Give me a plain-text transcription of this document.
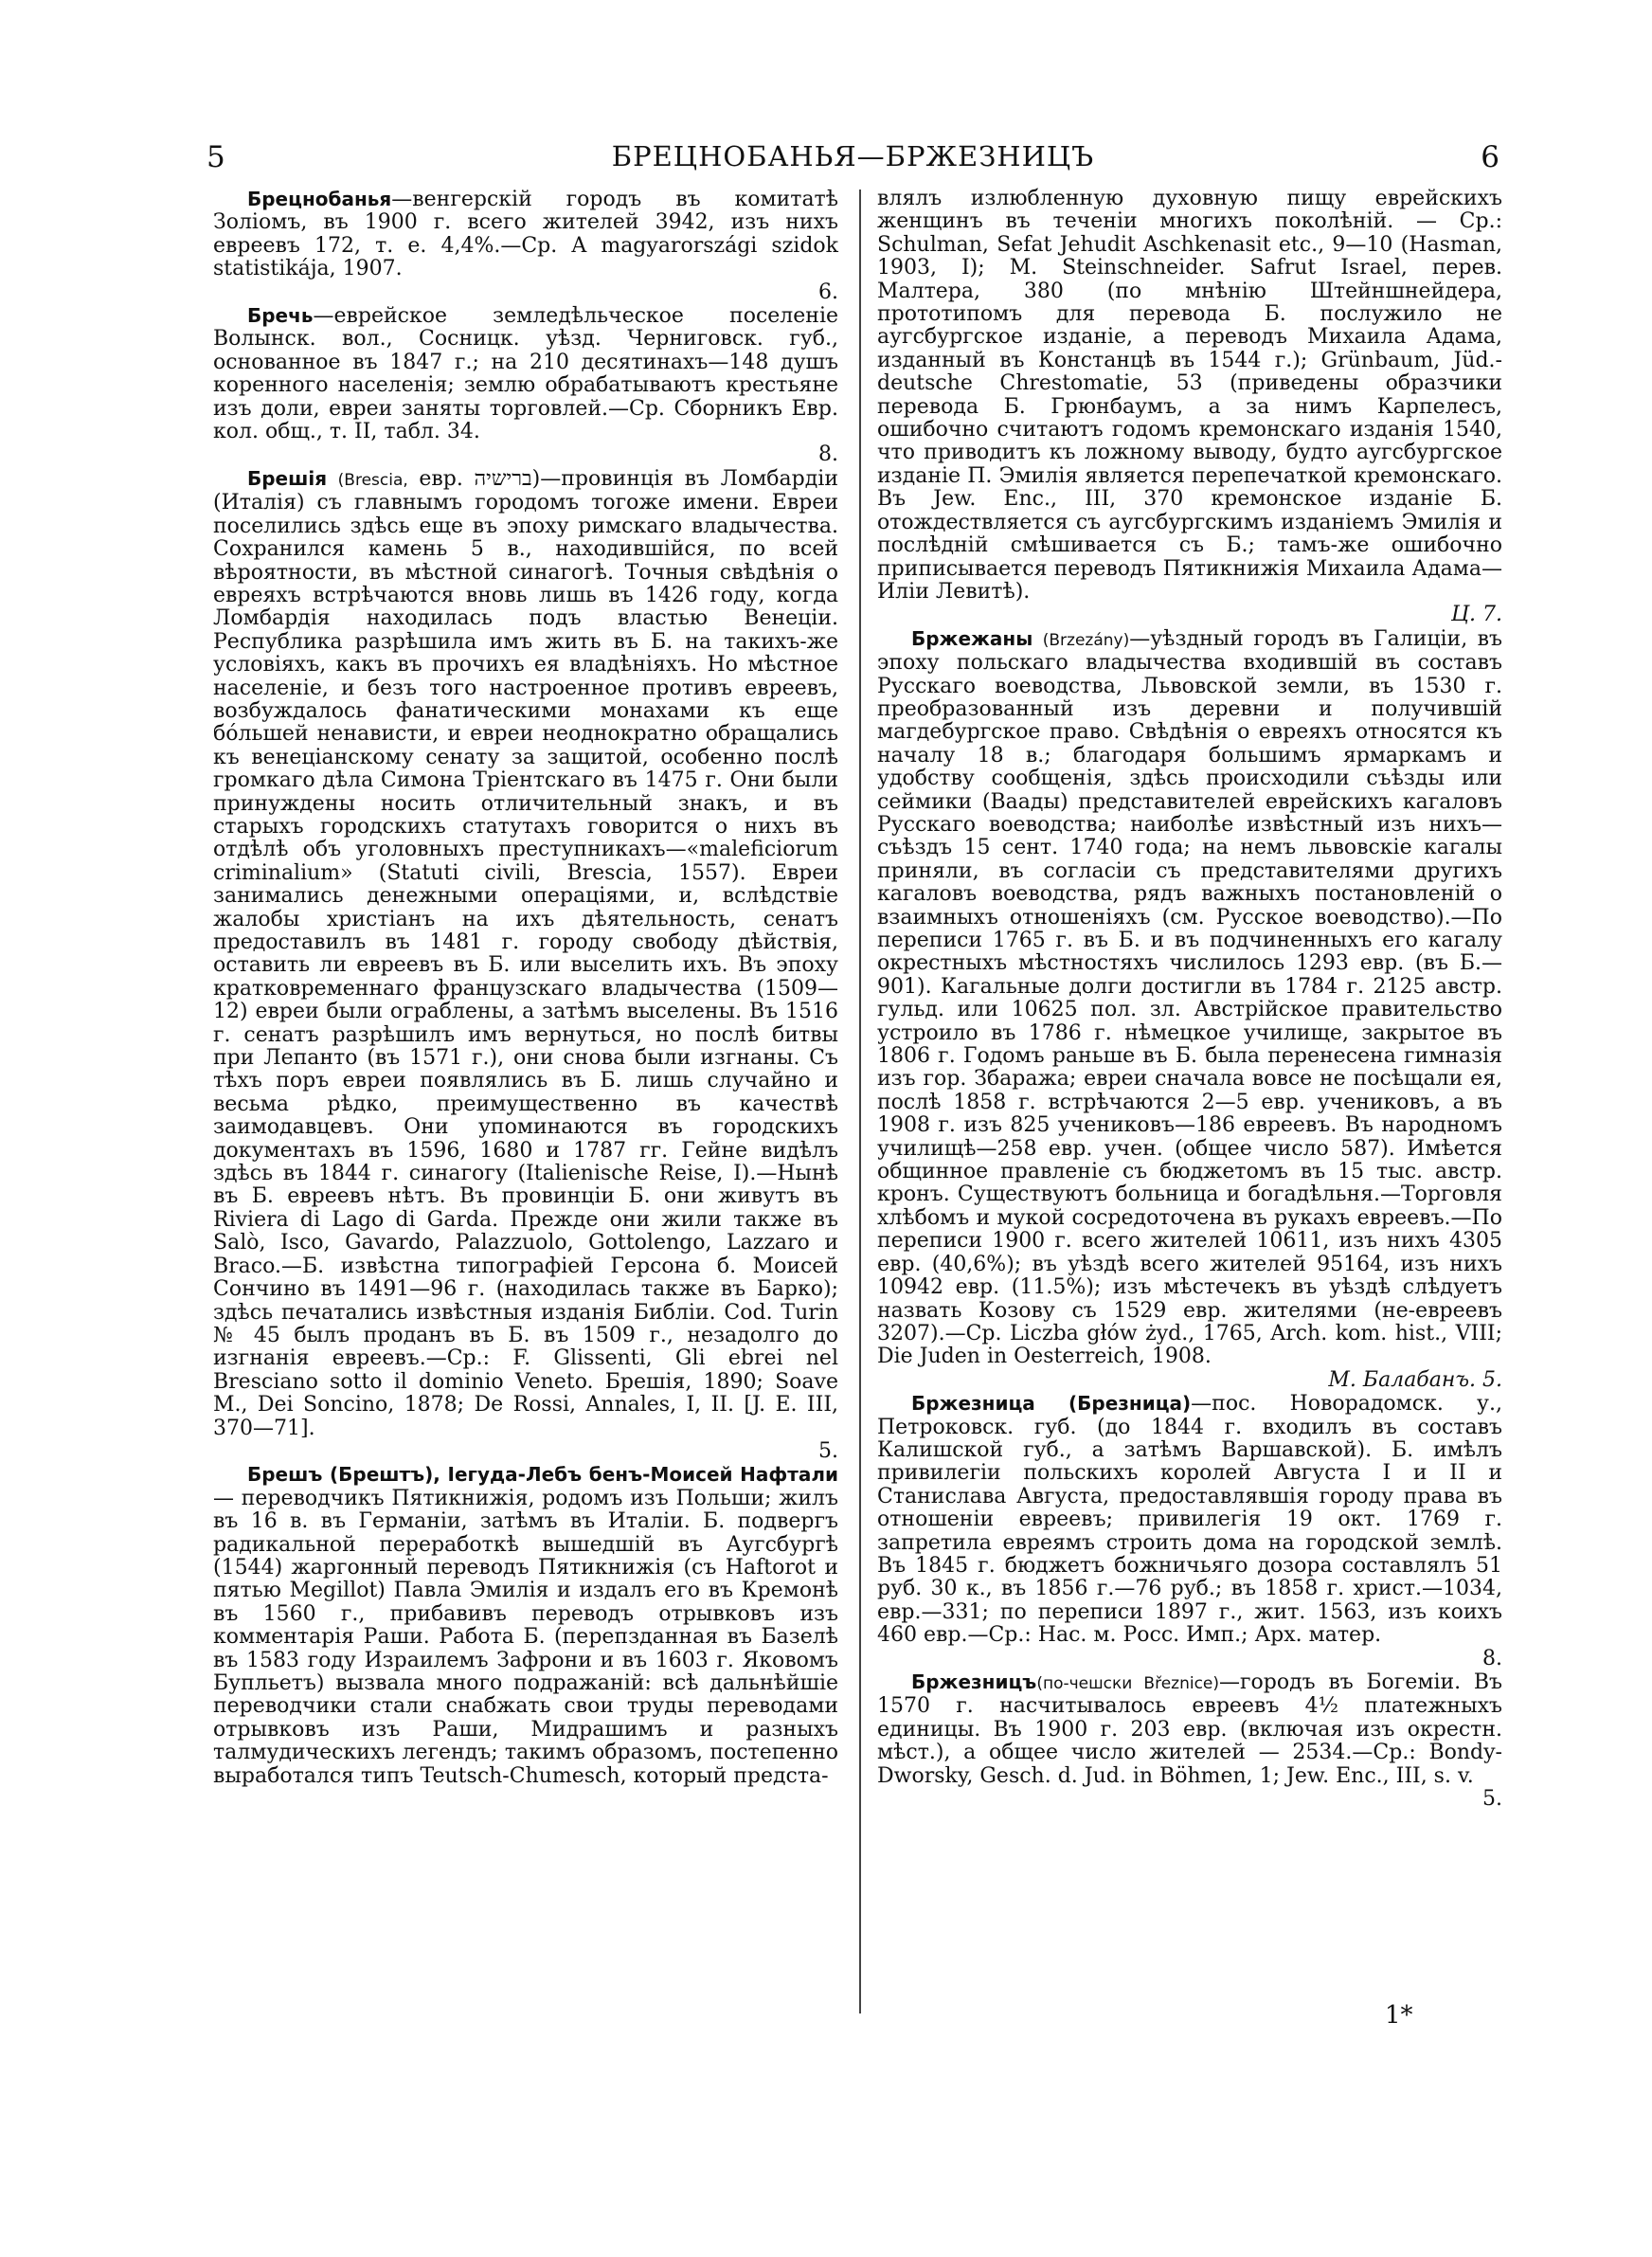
5	БРЕЦНОБАНЬЯ—БРЖЕЗНИЦЪ	6

Брецнобанья—венгерскій городъ въ комитатѣ Золіомъ, въ 1900 г. всего жителей 3942, изъ нихъ евреевъ 172, т. е. 4,4%.—Ср. A magyarországi szidok statistikája, 1907.

6.

Бречь—еврейское земледѣльческое поселеніе Волынск. вол., Сосницк. уѣзд. Черниговск. губ., основанное въ 1847 г.; на 210 десятинахъ—148 душъ коренного населенія; землю обрабатываютъ крестьяне изъ доли, евреи заняты торговлей.—Ср. Сборникъ Евр. кол. общ., т. II, табл. 34.

8.

Брешія (Brescia, евр. ברישיה)—провинція въ Ломбардіи (Италія) съ главнымъ городомъ тогоже имени. Евреи поселились здѣсь еще въ эпоху римскаго владычества. Сохранился камень 5 в., находившійся, по всей вѣроятности, въ мѣстной синагогѣ. Точныя свѣдѣнія о евреяхъ встрѣчаются вновь лишь въ 1426 году, когда Ломбардія находилась подъ властью Венеціи. Республика разрѣшила имъ жить въ Б. на такихъ-же условіяхъ, какъ въ прочихъ ея владѣніяхъ. Но мѣстное населеніе, и безъ того настроенное противъ евреевъ, возбуждалось фанатическими монахами къ еще бóльшей ненависти, и евреи неоднократно обращались къ венеціанскому сенату за защитой, особенно послѣ громкаго дѣла Симона Тріентскаго въ 1475 г. Они были принуждены носить отличительный знакъ, и въ старыхъ городскихъ статутахъ говорится о нихъ въ отдѣлѣ объ уголовныхъ преступникахъ—«maleficiorum criminalium» (Statuti civili, Brescia, 1557). Евреи занимались денежными операціями, и, вслѣдствіе жалобы христіанъ на ихъ дѣятельность, сенатъ предоставилъ въ 1481 г. городу свободу дѣйствія, оставить ли евреевъ въ Б. или выселить ихъ. Въ эпоху кратковременнаго французскаго владычества (1509—12) евреи были ограблены, а затѣмъ выселены. Въ 1516 г. сенатъ разрѣшилъ имъ вернуться, но послѣ битвы при Лепанто (въ 1571 г.), они снова были изгнаны. Съ тѣхъ поръ евреи появлялись въ Б. лишь случайно и весьма рѣдко, преимущественно въ качествѣ заимодавцевъ. Они упоминаются въ городскихъ документахъ въ 1596, 1680 и 1787 гг. Гейне видѣлъ здѣсь въ 1844 г. синагогу (Italienische Reise, I).—Нынѣ въ Б. евреевъ нѣтъ. Въ провинціи Б. они живутъ въ Riviera di Lago di Garda. Прежде они жили также въ Salò, Isco, Gavardo, Palazzuolo, Gottolengo, Lazzaro и Braco.—Б. извѣстна типографіей Герсона б. Моисей Сончино въ 1491—96 г. (находилась также въ Барко); здѣсь печатались извѣстныя изданія Библіи. Cod. Turin № 45 былъ проданъ въ Б. въ 1509 г., незадолго до изгнанія евреевъ.—Ср.: F. Glissenti, Gli ebrei nel Bresciano sotto il dominio Veneto. Брешія, 1890; Soave M., Dei Soncino, 1878; De Rossi, Annales, I, II. [J. E. III, 370—71].

5.

Брешъ (Брештъ), Іегуда-Лебъ бенъ-Моисей Нафтали — переводчикъ Пятикнижія, родомъ изъ Польши; жилъ въ 16 в. въ Германіи, затѣмъ въ Италіи. Б. подвергъ радикальной переработкѣ вышедшій въ Аугсбургѣ (1544) жаргонный переводъ Пятикнижія (съ Haftorot и пятью Megillot) Павла Эмилія и издалъ его въ Кремонѣ въ 1560 г., прибавивъ переводъ отрывковъ изъ комментарія Раши. Работа Б. (перепзданная въ Базелѣ въ 1583 году Израилемъ Зафрони и въ 1603 г. Яковомъ Бупльетъ) вызвала много подражаній: всѣ дальнѣйшіе переводчики стали снабжать свои труды переводами отрывковъ изъ Раши, Мидрашимъ и разныхъ талмудическихъ легендъ; такимъ образомъ, постепенно выработался типъ Teutsch-Chumesch, который предста-

влялъ излюбленную духовную пищу еврейскихъ женщинъ въ теченіи многихъ поколѣній. — Ср.: Schulman, Sefat Jehudit Aschkenasit etc., 9—10 (Hasman, 1903, I); M. Steinschneider. Safrut Israel, перев. Малтера, 380 (по мнѣнію Штейншнейдера, прототипомъ для перевода Б. послужило не аугсбургское изданіе, а переводъ Михаила Адама, изданный въ Констанцѣ въ 1544 г.); Grünbaum, Jüd.-deutsche Chrestomatie, 53 (приведены образчики перевода Б. Грюнбаумъ, а за нимъ Карпелесъ, ошибочно считаютъ годомъ кремонскаго изданія 1540, что приводитъ къ ложному выводу, будто аугсбургское изданіе П. Эмилія является перепечаткой кремонскаго. Въ Jew. Enc., III, 370 кремонское изданіе Б. отождествляется съ аугсбургскимъ изданіемъ Эмилія и послѣдній смѣшивается съ Б.; тамъ-же ошибочно приписывается переводъ Пятикнижія Михаила Адама—Иліи Левитѣ).

Ц. 7.

Бржежаны (Brzezány)—уѣздный городъ въ Галиціи, въ эпоху польскаго владычества входившій въ составъ Русскаго воеводства, Львовской земли, въ 1530 г. преобразованный изъ деревни и получившій магдебургское право. Свѣдѣнія о евреяхъ относятся къ началу 18 в.; благодаря большимъ ярмаркамъ и удобству сообщенія, здѣсь происходили съѣзды или сеймики (Ваады) представителей еврейскихъ кагаловъ Русскаго воеводства; наиболѣе извѣстный изъ нихъ—съѣздъ 15 сент. 1740 года; на немъ львовскіе кагалы приняли, въ согласіи съ представителями другихъ кагаловъ воеводства, рядъ важныхъ постановленій о взаимныхъ отношеніяхъ (см. Русское воеводство).—По переписи 1765 г. въ Б. и въ подчиненныхъ его кагалу окрестныхъ мѣстностяхъ числилось 1293 евр. (въ Б.—901). Кагальные долги достигли въ 1784 г. 2125 австр. гульд. или 10625 пол. зл. Австрійское правительство устроило въ 1786 г. нѣмецкое училище, закрытое въ 1806 г. Годомъ раньше въ Б. была перенесена гимназія изъ гор. Збаража; евреи сначала вовсе не посѣщали ея, послѣ 1858 г. встрѣчаются 2—5 евр. учениковъ, а въ 1908 г. изъ 825 учениковъ—186 евреевъ. Въ народномъ училищѣ—258 евр. учен. (общее число 587). Имѣется общинное правленіе съ бюджетомъ въ 15 тыс. австр. кронъ. Существуютъ больница и богадѣльня.—Торговля хлѣбомъ и мукой сосредоточена въ рукахъ евреевъ.—По переписи 1900 г. всего жителей 10611, изъ нихъ 4305 евр. (40,6%); въ уѣздѣ всего жителей 95164, изъ нихъ 10942 евр. (11.5%); изъ мѣстечекъ въ уѣздѣ слѣдуетъ назвать Козову съ 1529 евр. жителями (не-евреевъ 3207).—Ср. Liczba głów żyd., 1765, Arch. kom. hist., VIII; Die Juden in Oesterreich, 1908.

М. Балабанъ. 5.

Бржезница (Брезница)—пос. Новорадомск. у., Петроковск. губ. (до 1844 г. входилъ въ составъ Калишской губ., а затѣмъ Варшавской). Б. имѣлъ привилегіи польскихъ королей Августа I и II и Станислава Августа, предоставлявшія городу права въ отношеніи евреевъ; привилегія 19 окт. 1769 г. запретила евреямъ строить дома на городской землѣ. Въ 1845 г. бюджетъ божничьяго дозора составлялъ 51 руб. 30 к., въ 1856 г.—76 руб.; въ 1858 г. христ.—1034, евр.—331; по переписи 1897 г., жит. 1563, изъ коихъ 460 евр.—Ср.: Нас. м. Росс. Имп.; Арх. матер.

8.

Бржезницъ(по-чешски Březnice)—городъ въ Богеміи. Въ 1570 г. насчитывалось евреевъ 4½ платежныхъ единицы. Въ 1900 г. 203 евр. (включая изъ окрестн. мѣст.), а общее число жителей — 2534.—Ср.: Bondy-Dworsky, Gesch. d. Jud. in Böhmen, 1; Jew. Enc., III, s. v.

5.
1*
